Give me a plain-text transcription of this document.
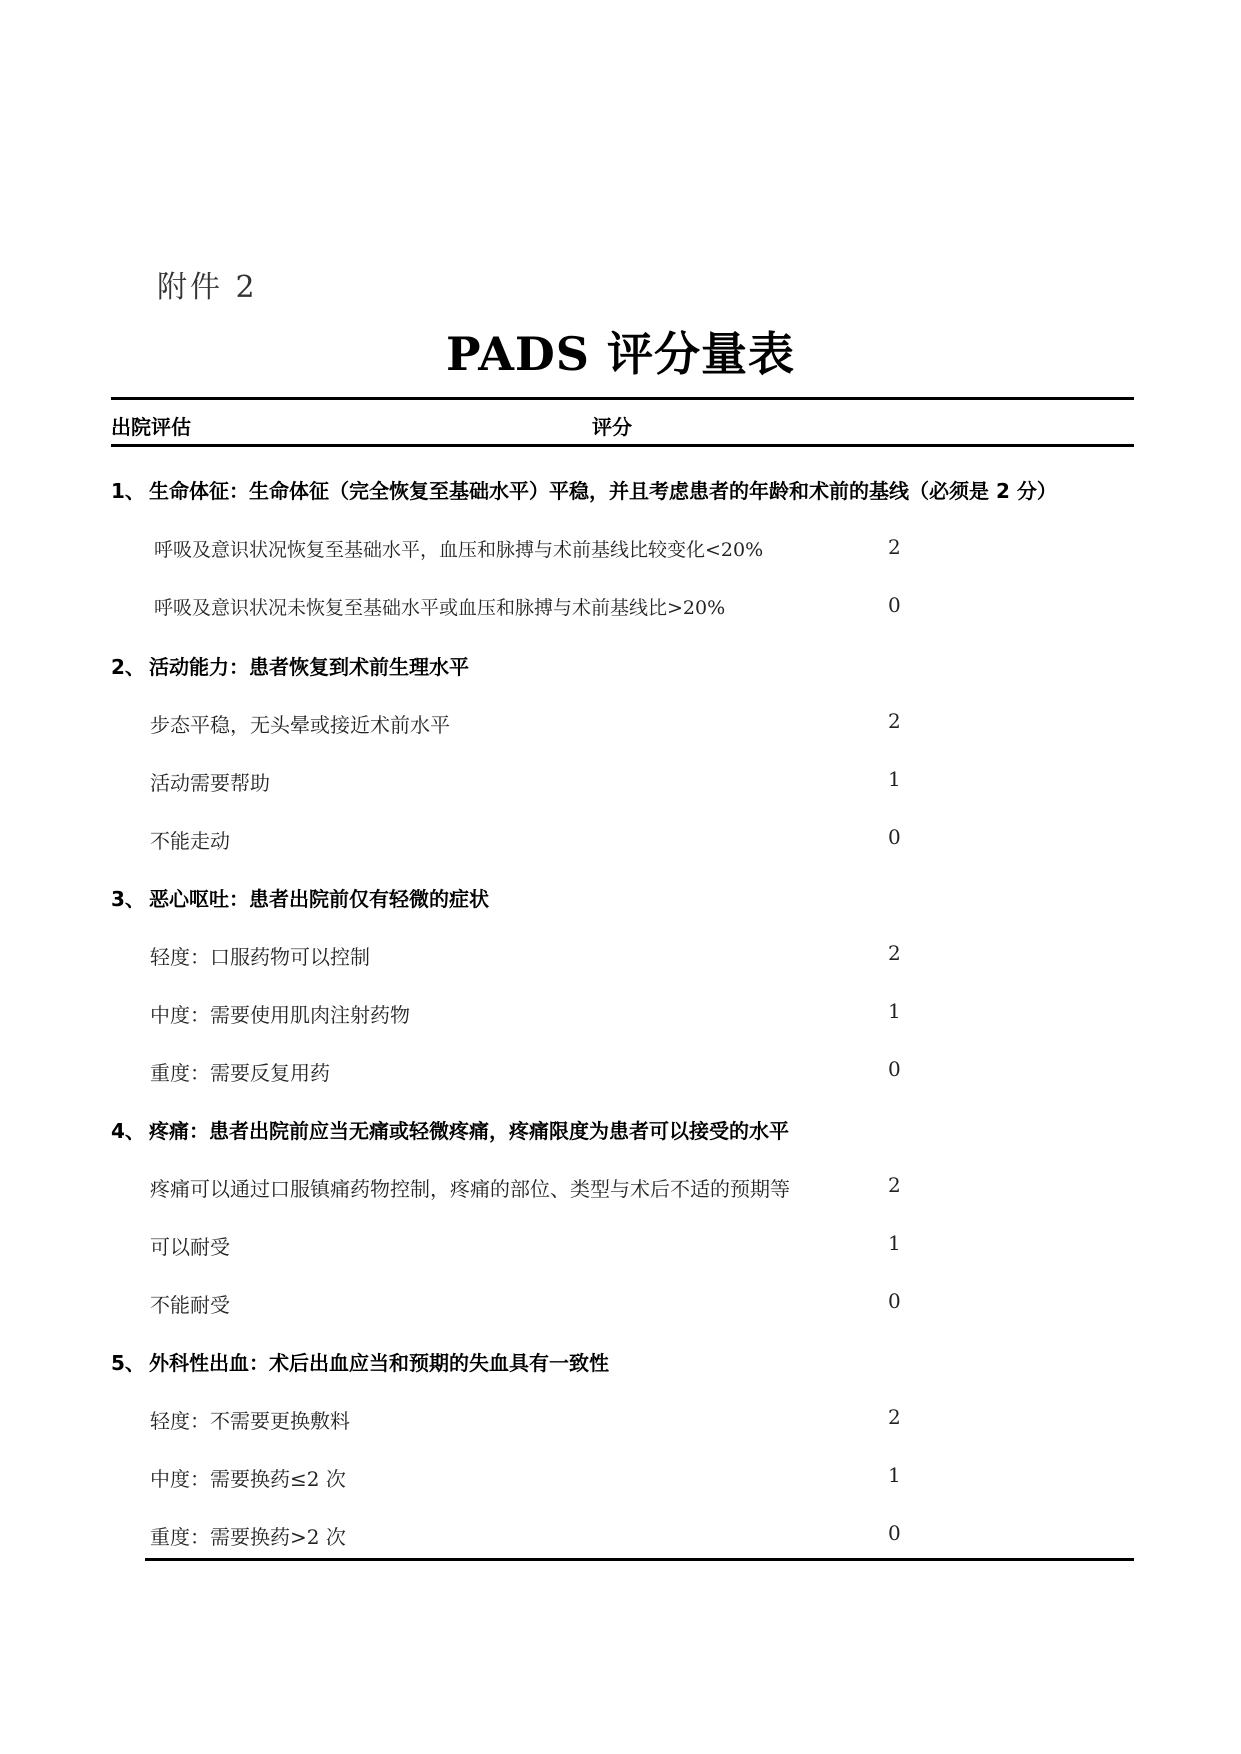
附件 2
PADS 评分量表
出院评估	评分
1、 生命体征：生命体征（完全恢复至基础水平）平稳，并且考虑患者的年龄和术前的基线（必须是 2 分）
呼吸及意识状况恢复至基础水平，血压和脉搏与术前基线比较变化<20%	2
呼吸及意识状况未恢复至基础水平或血压和脉搏与术前基线比>20%	0
2、 活动能力：患者恢复到术前生理水平
步态平稳，无头晕或接近术前水平	2
活动需要帮助	1
不能走动	0
3、 恶心呕吐：患者出院前仅有轻微的症状
轻度：口服药物可以控制	2
中度：需要使用肌肉注射药物	1
重度：需要反复用药	0
4、 疼痛：患者出院前应当无痛或轻微疼痛，疼痛限度为患者可以接受的水平
疼痛可以通过口服镇痛药物控制，疼痛的部位、类型与术后不适的预期等	2
可以耐受	1
不能耐受	0
5、 外科性出血：术后出血应当和预期的失血具有一致性
轻度：不需要更换敷料	2
中度：需要换药≤2 次	1
重度：需要换药>2 次	0
